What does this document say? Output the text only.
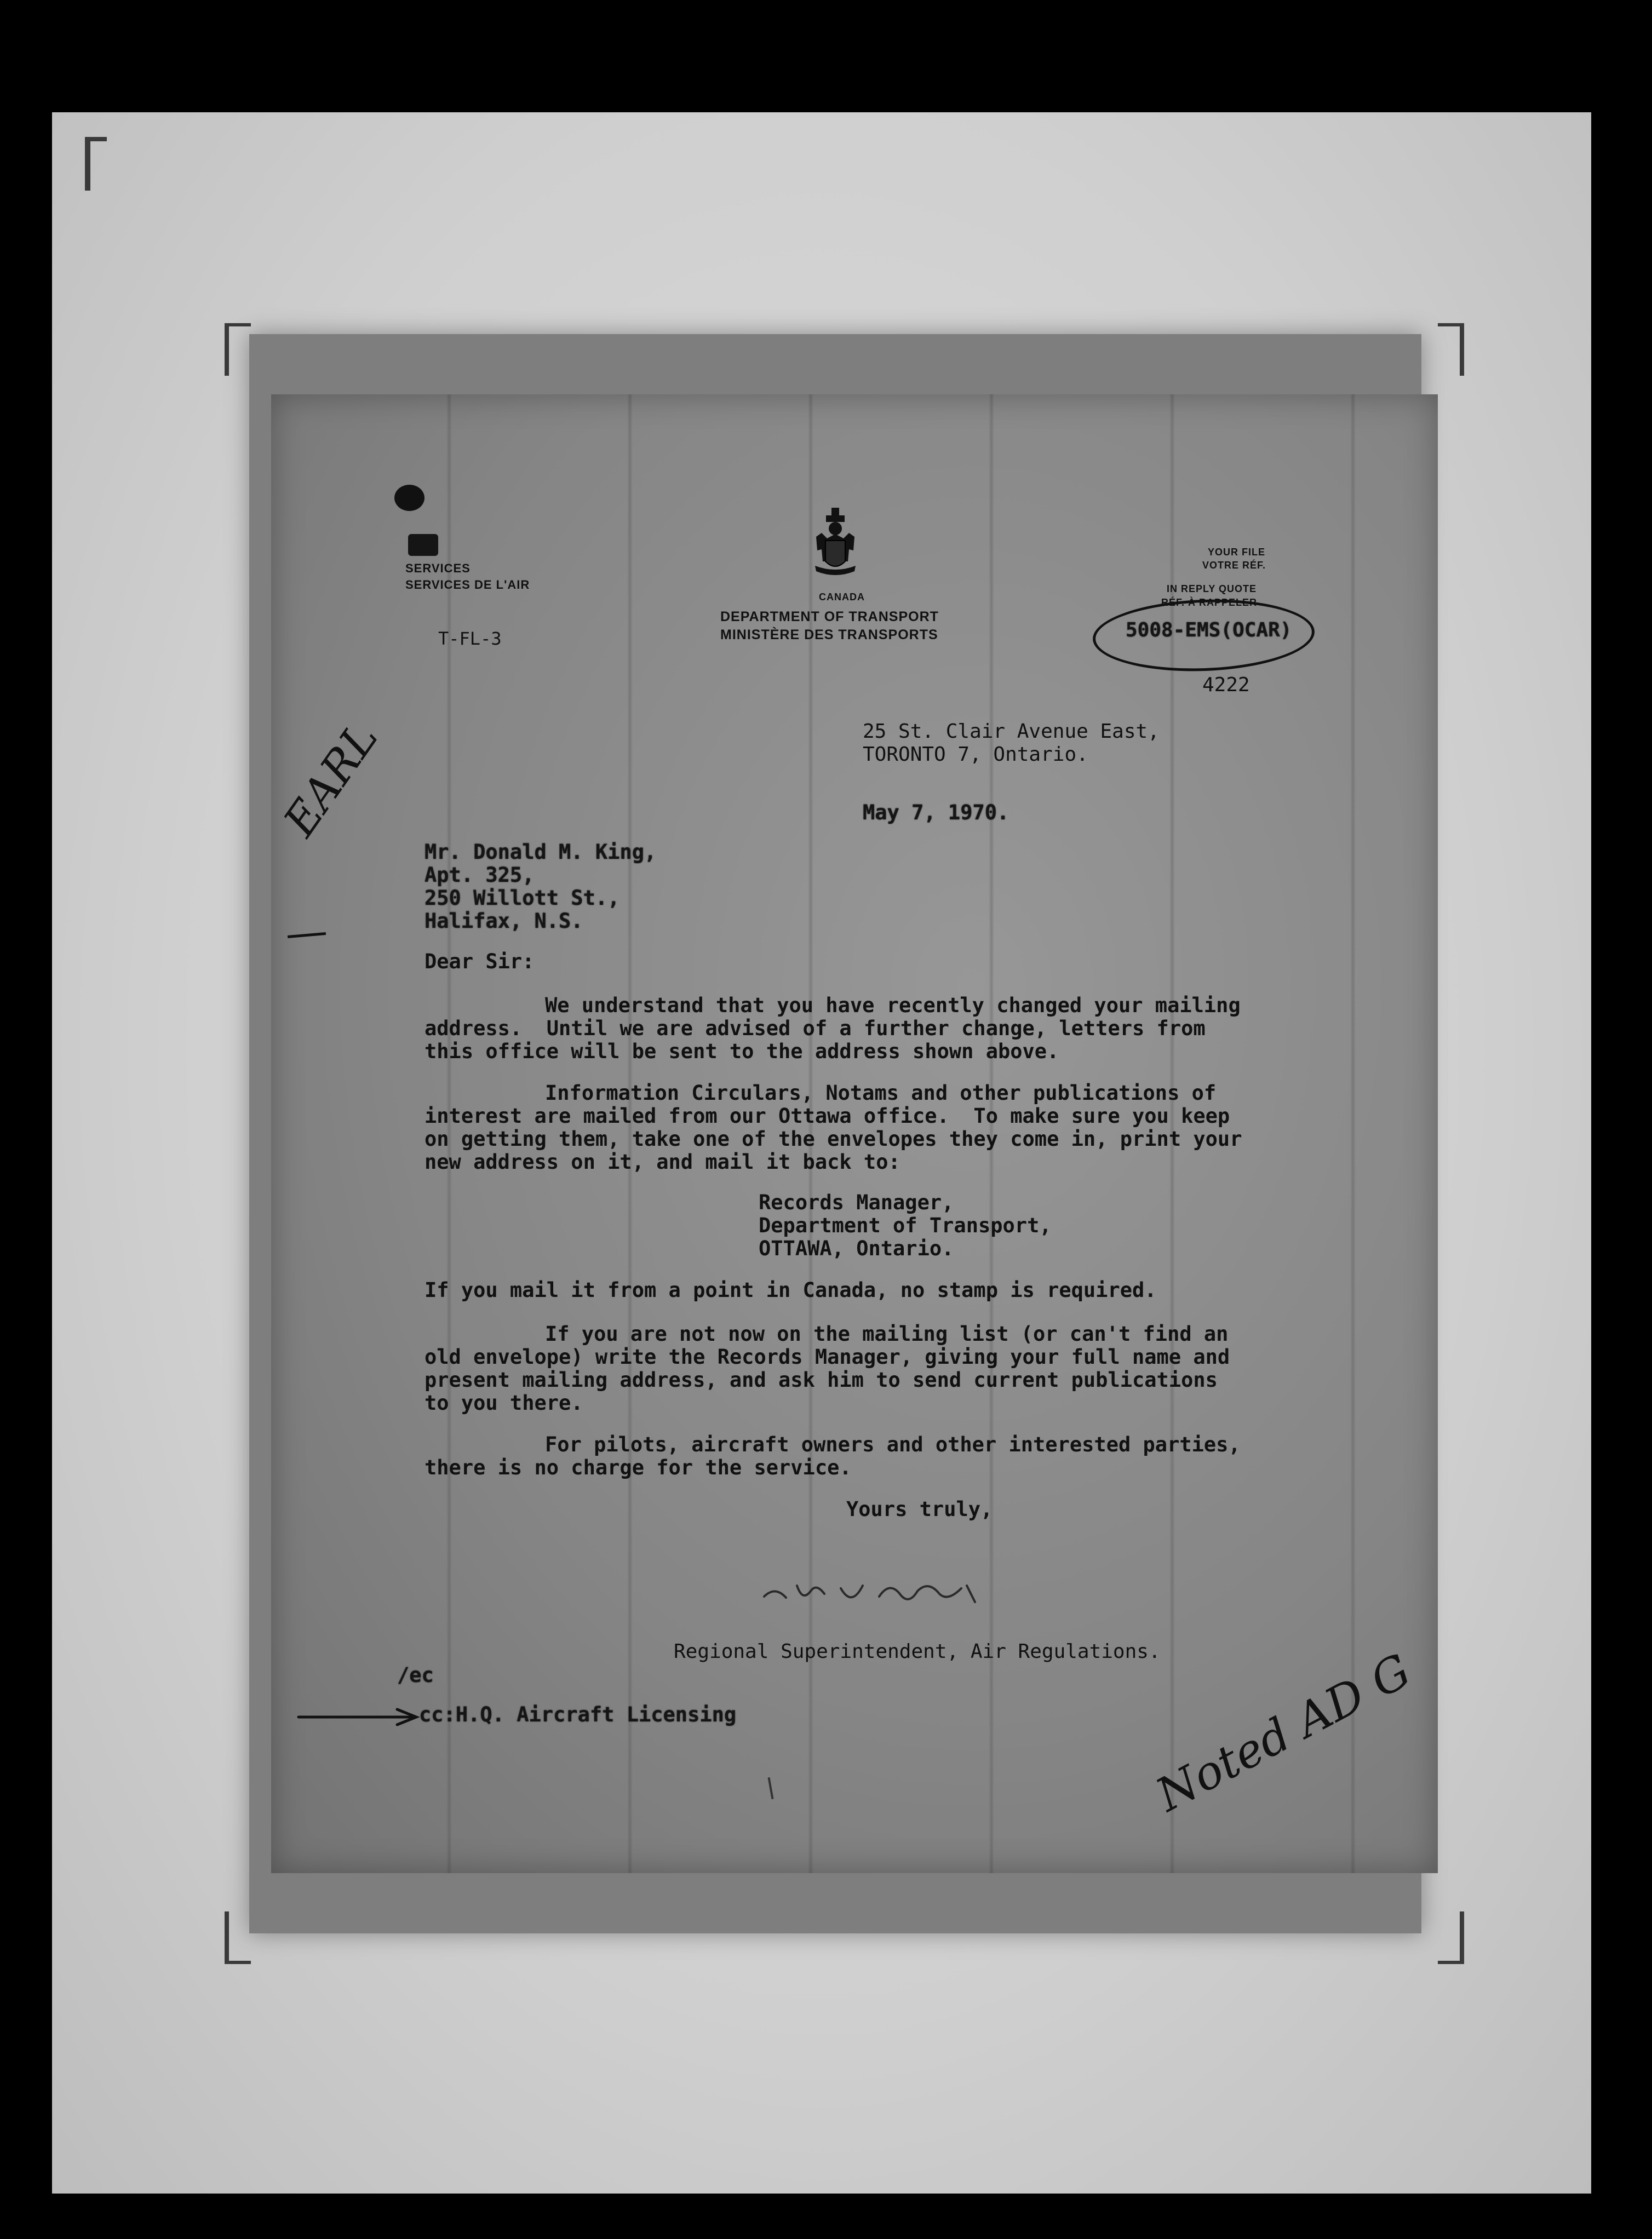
SERVICES
SERVICES DE L'AIR
T-FL-3
CANADA
DEPARTMENT OF TRANSPORT
MINISTÈRE DES TRANSPORTS
YOUR FILE
VOTRE RÉF.
IN REPLY QUOTE
RÉF. À RAPPELER
5008-EMS(OCAR)
4222
25 St. Clair Avenue East,
TORONTO 7, Ontario.
May 7, 1970.
Mr. Donald M. King,
Apt. 325,
250 Willott St.,
Halifax, N.S.
EARL
Dear Sir:
We understand that you have recently changed your mailing
address.  Until we are advised of a further change, letters from
this office will be sent to the address shown above.
Information Circulars, Notams and other publications of
interest are mailed from our Ottawa office.  To make sure you keep
on getting them, take one of the envelopes they come in, print your
new address on it, and mail it back to:
Records Manager,
Department of Transport,
OTTAWA, Ontario.
If you mail it from a point in Canada, no stamp is required.
If you are not now on the mailing list (or can't find an
old envelope) write the Records Manager, giving your full name and
present mailing address, and ask him to send current publications
to you there.
For pilots, aircraft owners and other interested parties,
there is no charge for the service.
Yours truly,
Regional Superintendent, Air Regulations.
/ec
cc:H.Q. Aircraft Licensing	Noted AD G
